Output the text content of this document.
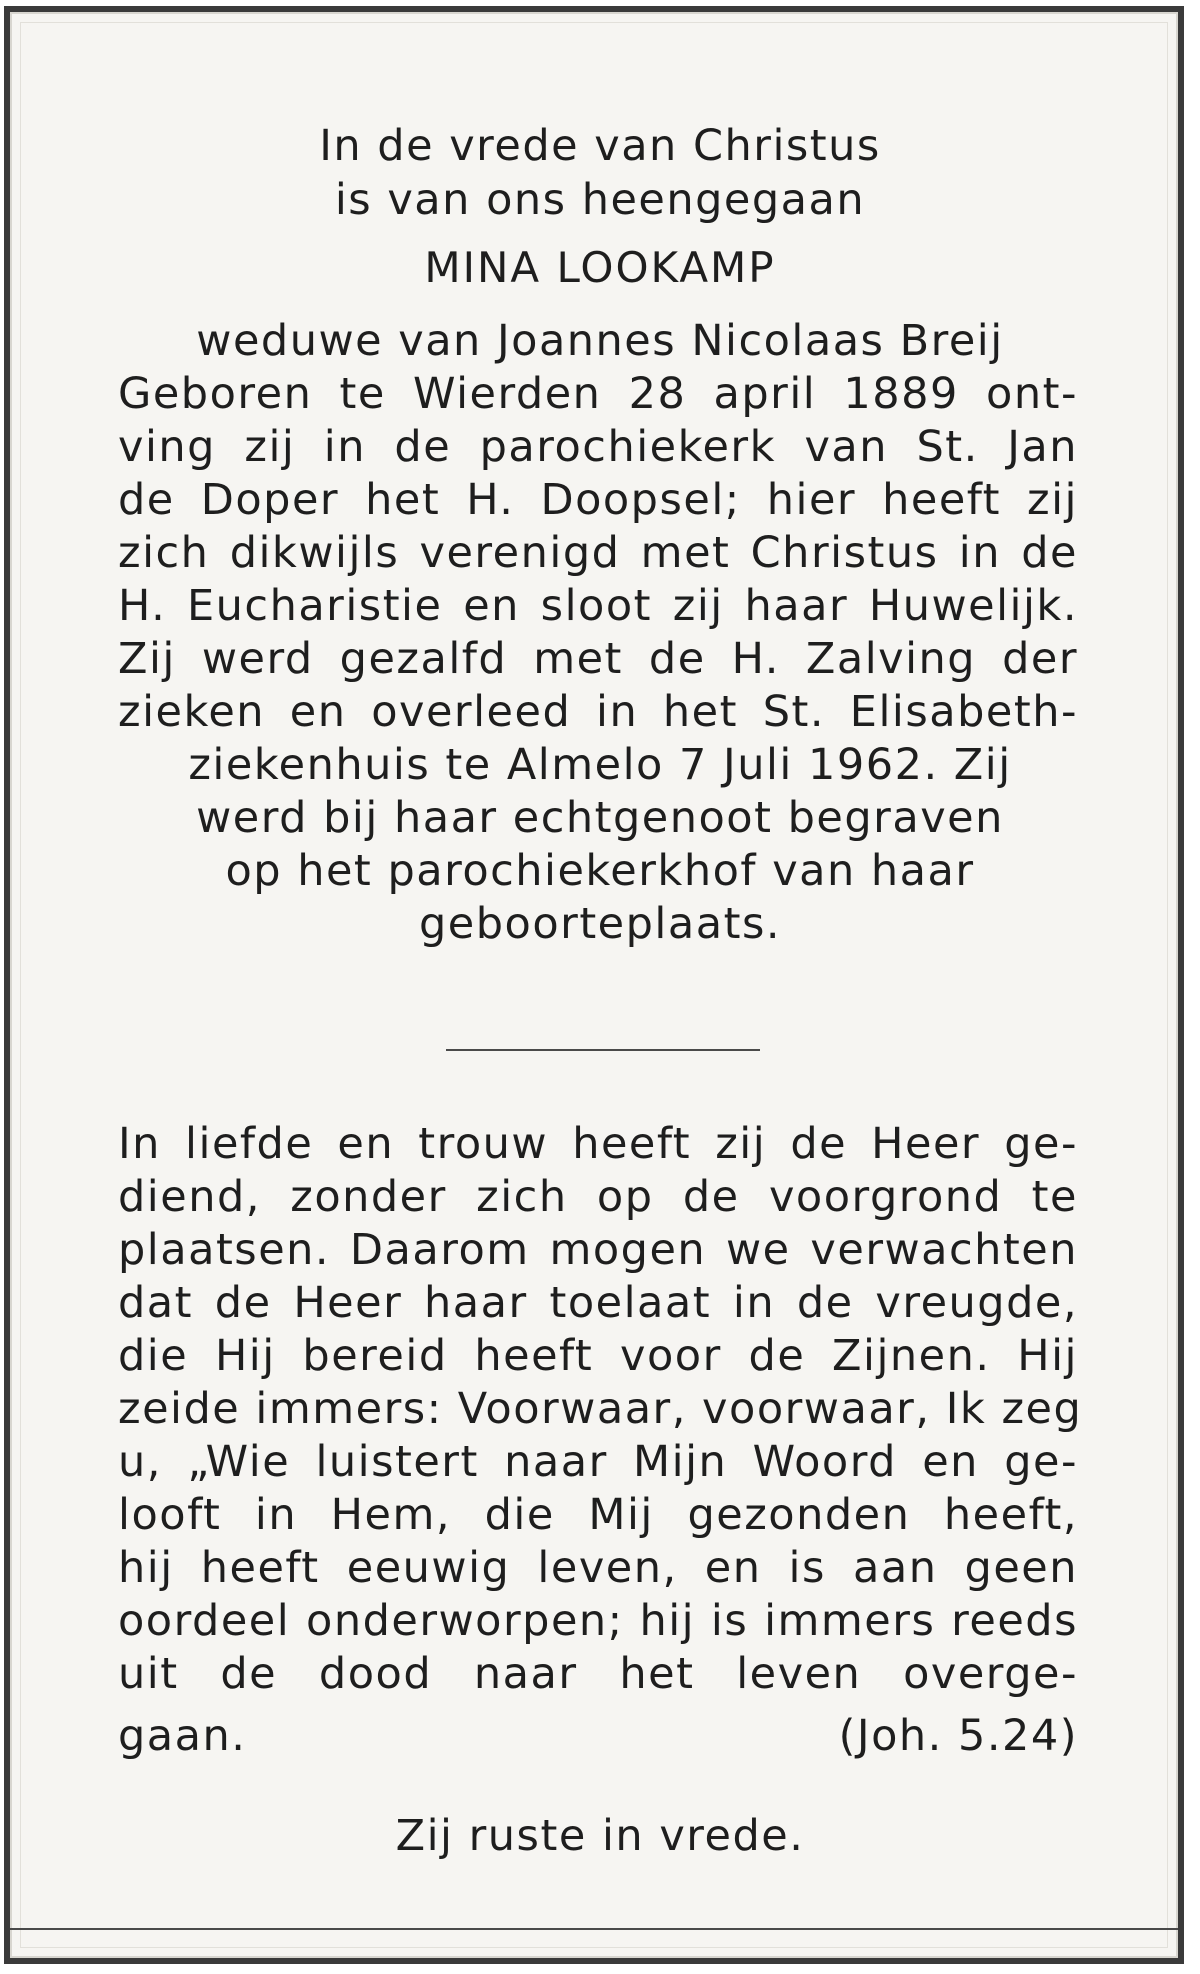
In de vrede van Christus
is van ons heengegaan
MINA LOOKAMP
weduwe van Joannes Nicolaas Breij
Geboren te Wierden 28 april 1889 ont-
ving zij in de parochiekerk van St. Jan
de Doper het H. Doopsel; hier heeft zij
zich dikwijls verenigd met Christus in de
H. Eucharistie en sloot zij haar Huwelijk.
Zij werd gezalfd met de H. Zalving der
zieken en overleed in het St. Elisabeth-
ziekenhuis te Almelo 7 Juli 1962. Zij
werd bij haar echtgenoot begraven
op het parochiekerkhof van haar
geboorteplaats.
In liefde en trouw heeft zij de Heer ge-
diend, zonder zich op de voorgrond te
plaatsen. Daarom mogen we verwachten
dat de Heer haar toelaat in de vreugde,
die Hij bereid heeft voor de Zijnen. Hij
zeide immers: Voorwaar, voorwaar, Ik zeg
u, „Wie luistert naar Mijn Woord en ge-
looft in Hem, die Mij gezonden heeft,
hij heeft eeuwig leven, en is aan geen
oordeel onderworpen; hij is immers reeds
uit de dood naar het leven overge-
gaan.	(Joh. 5.24)
Zij ruste in vrede.
